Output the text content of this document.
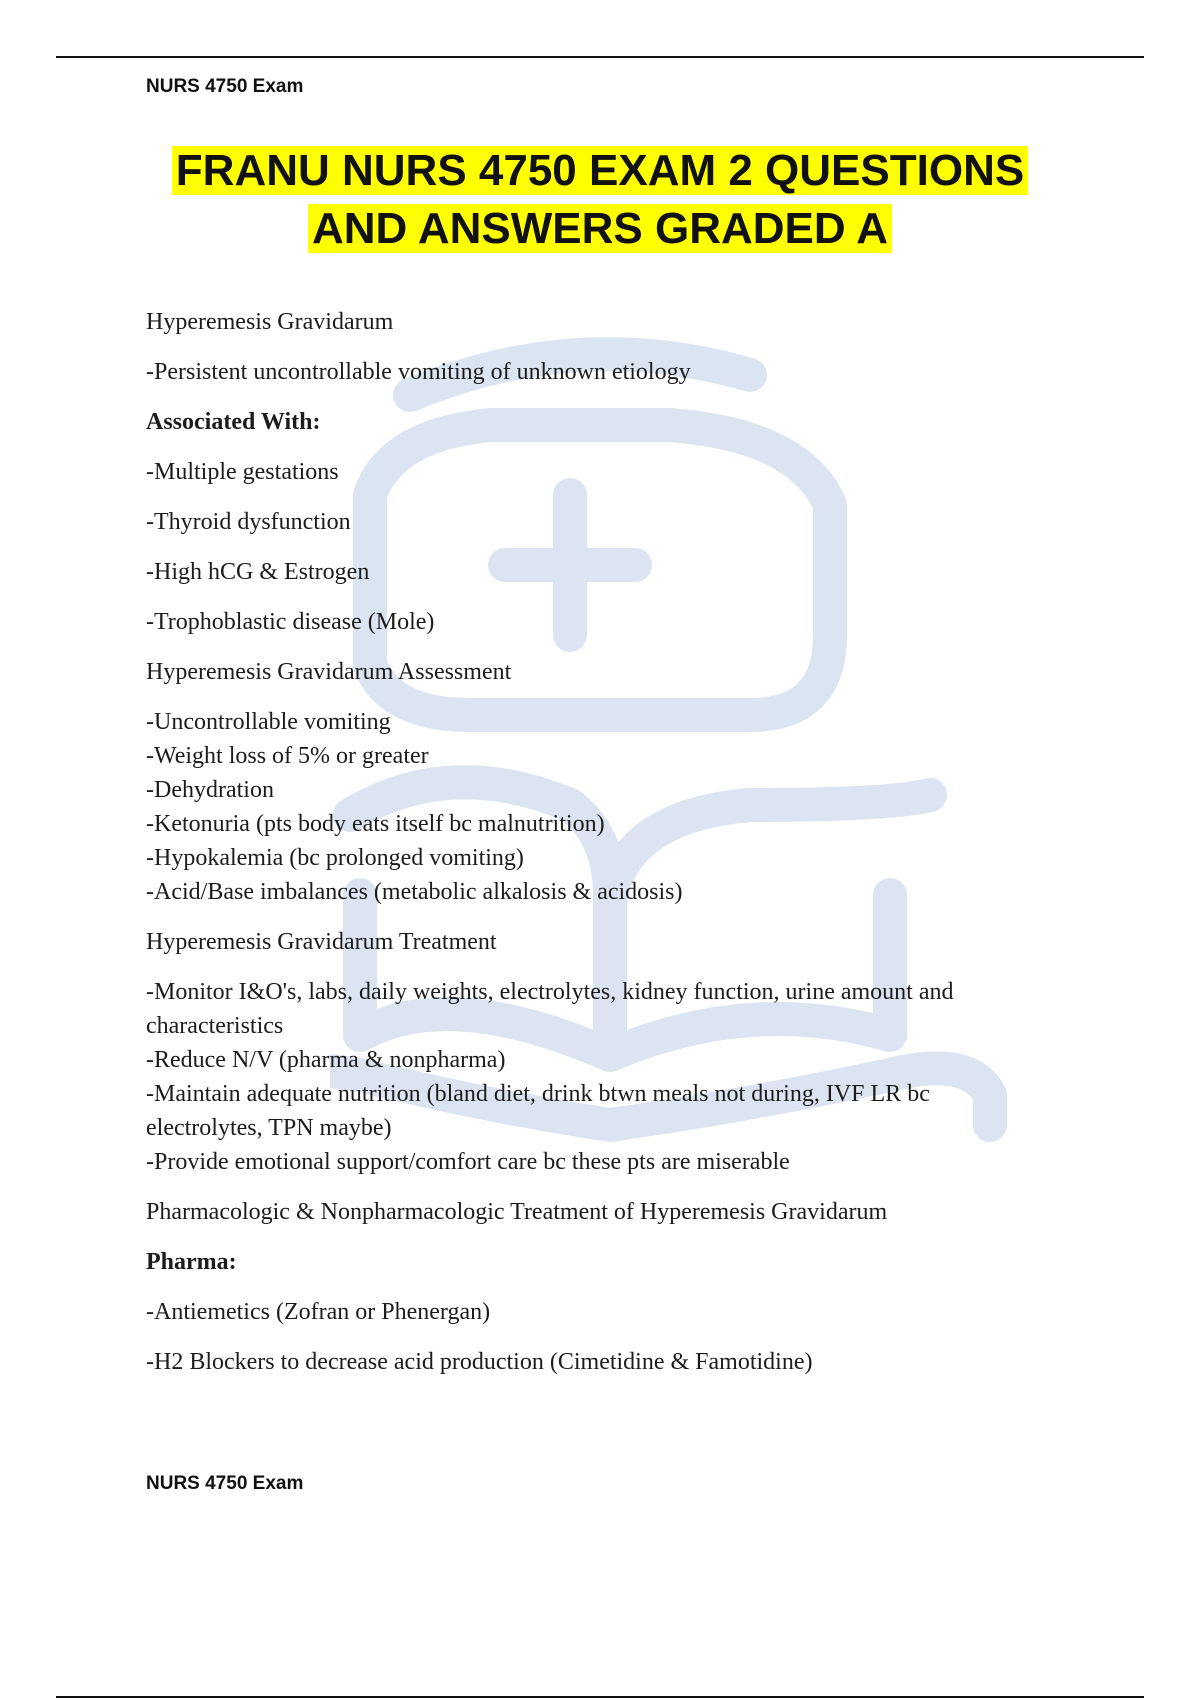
NURS 4750 Exam
FRANU NURS 4750 EXAM 2 QUESTIONS
AND ANSWERS GRADED A

Hyperemesis Gravidarum

-Persistent uncontrollable vomiting of unknown etiology

Associated With:

-Multiple gestations

-Thyroid dysfunction

-High hCG & Estrogen

-Trophoblastic disease (Mole)

Hyperemesis Gravidarum Assessment

-Uncontrollable vomiting

-Weight loss of 5% or greater

-Dehydration

-Ketonuria (pts body eats itself bc malnutrition)

-Hypokalemia (bc prolonged vomiting)

-Acid/Base imbalances (metabolic alkalosis & acidosis)

Hyperemesis Gravidarum Treatment

-Monitor I&O's, labs, daily weights, electrolytes, kidney function, urine amount and characteristics

-Reduce N/V (pharma & nonpharma)

-Maintain adequate nutrition (bland diet, drink btwn meals not during, IVF LR bc electrolytes, TPN maybe)

-Provide emotional support/comfort care bc these pts are miserable

Pharmacologic & Nonpharmacologic Treatment of Hyperemesis Gravidarum

Pharma:

-Antiemetics (Zofran or Phenergan)

-H2 Blockers to decrease acid production (Cimetidine & Famotidine)

NURS 4750 Exam
